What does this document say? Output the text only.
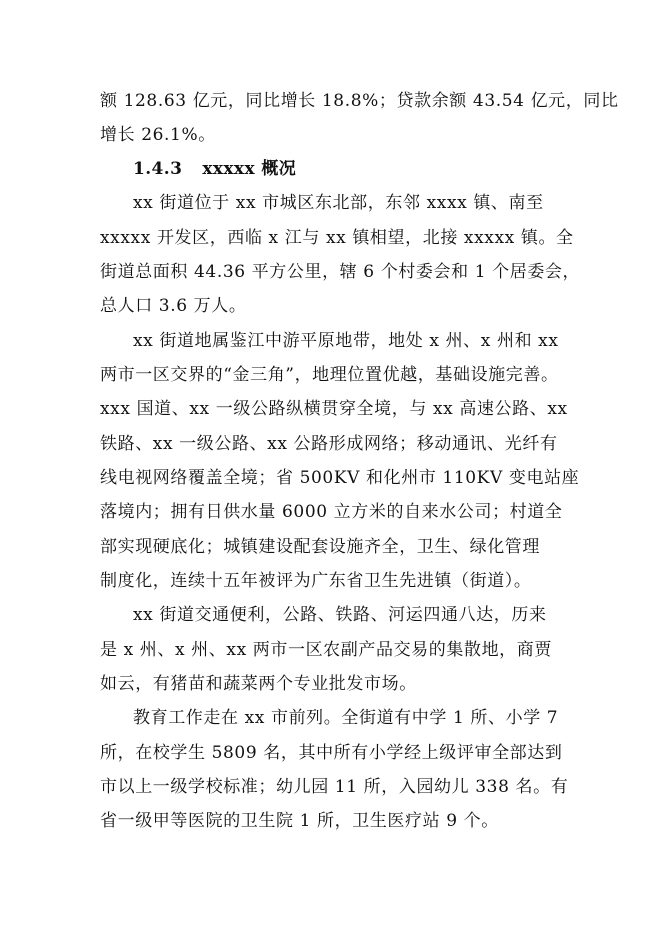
额 128.63 亿元，同比增长 18.8%；贷款余额 43.54 亿元，同比
增长 26.1%。
1.4.3 xxxxx 概况
xx 街道位于 xx 市城区东北部，东邻 xxxx 镇、南至
xxxxx 开发区，西临 x 江与 xx 镇相望，北接 xxxxx 镇。全
街道总面积 44.36 平方公里，辖 6 个村委会和 1 个居委会，
总人口 3.6 万人。
xx 街道地属鉴江中游平原地带，地处 x 州、x 州和 xx
两市一区交界的“金三角”，地理位置优越，基础设施完善。
xxx 国道、xx 一级公路纵横贯穿全境，与 xx 高速公路、xx
铁路、xx 一级公路、xx 公路形成网络；移动通讯、光纤有
线电视网络覆盖全境；省 500KV 和化州市 110KV 变电站座
落境内；拥有日供水量 6000 立方米的自来水公司；村道全
部实现硬底化；城镇建设配套设施齐全，卫生、绿化管理
制度化，连续十五年被评为广东省卫生先进镇（街道）。
xx 街道交通便利，公路、铁路、河运四通八达，历来
是 x 州、x 州、xx 两市一区农副产品交易的集散地，商贾
如云，有猪苗和蔬菜两个专业批发市场。
教育工作走在 xx 市前列。全街道有中学 1 所、小学 7
所，在校学生 5809 名，其中所有小学经上级评审全部达到
市以上一级学校标准；幼儿园 11 所，入园幼儿 338 名。有
省一级甲等医院的卫生院 1 所，卫生医疗站 9 个。
